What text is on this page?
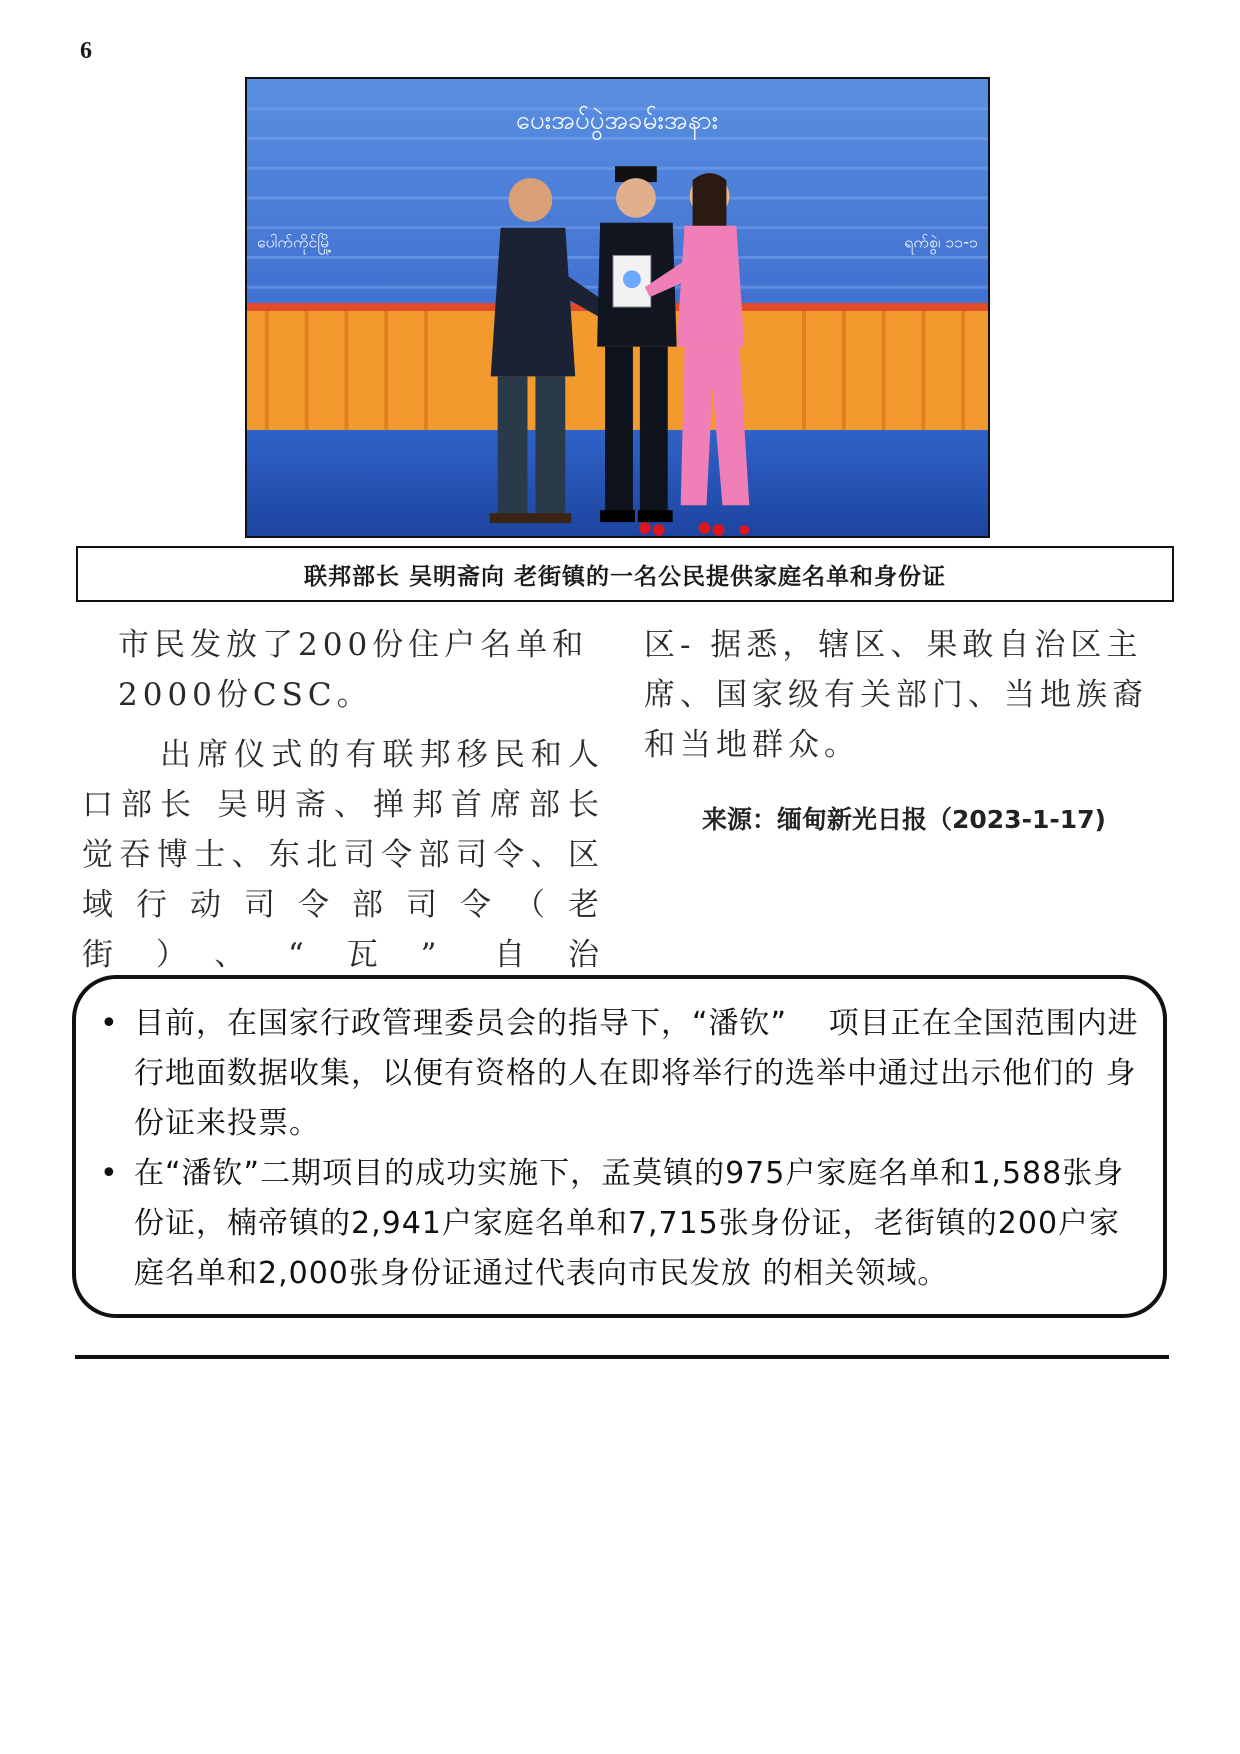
6
ပေးအပ်ပွဲအခမ်းအနား
ပေါက်ကိုင်မြို့	ရက်စွဲ၊ ၁၁-၁
联邦部长 吴明斋向 老街镇的一名公民提供家庭名单和身份证

市民发放了200份住户名单和

2000份CSC。

出席仪式的有联邦移民和人口部长 吴明斋、掸邦首席部长 觉吞博士、东北司令部司令、区域行动司令部司令（老街）、“瓦” 自治

区- 据悉，辖区、果敢自治区主席、国家级有关部门、当地族裔和当地群众。

来源：缅甸新光日报（2023-1-17)
• 目前，在国家行政管理委员会的指导下，“潘钦”　 项目正在全国范围内进行地面数据收集，以便有资格的人在即将举行的选举中通过出示他们的 身份证来投票。
• 在“潘钦”二期项目的成功实施下，孟莫镇的975户家庭名单和1,588张身份证，楠帝镇的2,941户家庭名单和7,715张身份证，老街镇的200户家庭名单和2,000张身份证通过代表向市民发放 的相关领域。
